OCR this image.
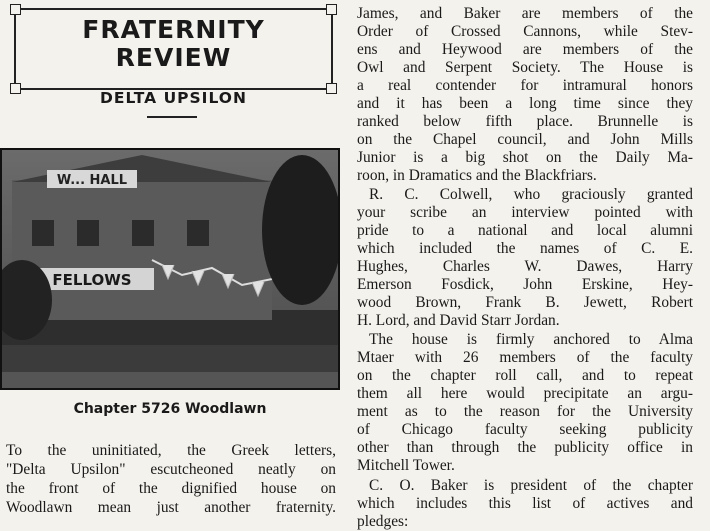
FRATERNITY
REVIEW
DELTA UPSILON
W... HALL
FELLOWS
Chapter 5726 Woodlawn
To the uninitiated, the Greek letters,
"Delta Upsilon" escutcheoned neatly on
the front of the dignified house on
Woodlawn mean just another fraternity.
James, and Baker are members of the
Order of Crossed Cannons, while Stev-
ens and Heywood are members of the
Owl and Serpent Society. The House is
a real contender for intramural honors
and it has been a long time since they
ranked below fifth place. Brunnelle is
on the Chapel council, and John Mills
Junior is a big shot on the Daily Ma-
roon, in Dramatics and the Blackfriars.
R. C. Colwell, who graciously granted
your scribe an interview pointed with
pride to a national and local alumni
which included the names of C. E.
Hughes, Charles W. Dawes, Harry
Emerson Fosdick, John Erskine, Hey-
wood Brown, Frank B. Jewett, Robert
H. Lord, and David Starr Jordan.
The house is firmly anchored to Alma
Mtaer with 26 members of the faculty
on the chapter roll call, and to repeat
them all here would precipitate an argu-
ment as to the reason for the University
of Chicago faculty seeking publicity
other than through the publicity office in
Mitchell Tower.
C. O. Baker is president of the chapter
which includes this list of actives and
pledges:
